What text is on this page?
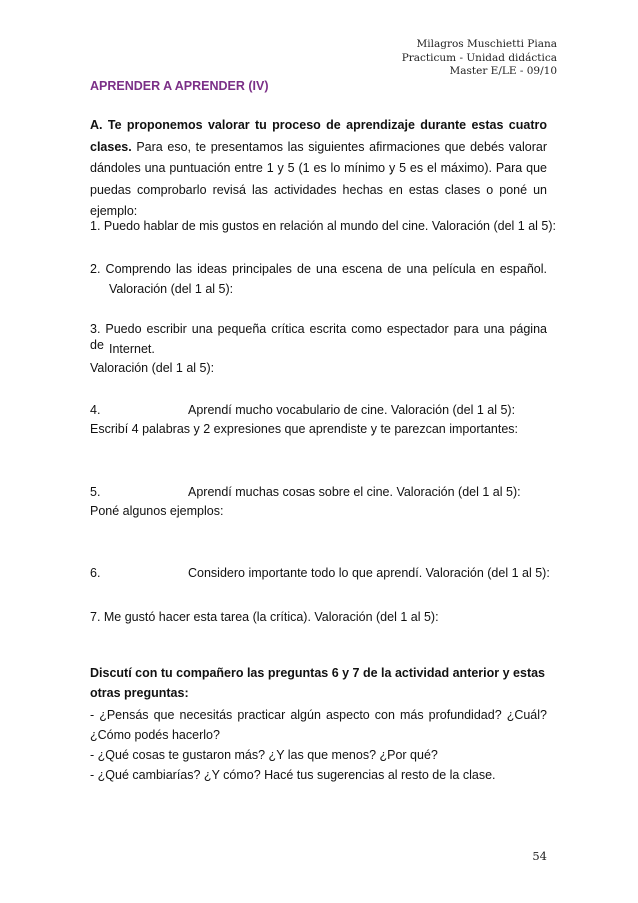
Milagros Muschietti Piana
Practicum - Unidad didáctica
Master E/LE - 09/10
APRENDER A APRENDER (IV)
A. Te proponemos valorar tu proceso de aprendizaje durante estas cuatro clases. Para eso, te presentamos las siguientes afirmaciones que debés valorar dándoles una puntuación entre 1 y 5 (1 es lo mínimo y 5 es el máximo). Para que puedas comprobarlo revisá las actividades hechas en estas clases o poné un ejemplo:
1. Puedo hablar de mis gustos en relación al mundo del cine. Valoración (del 1 al 5):
2. Comprendo las ideas principales de una escena de una película en español.
Valoración (del 1 al 5):
3. Puedo escribir una pequeña crítica escrita como espectador para una página de Internet.
Valoración (del 1 al 5):
4.	Aprendí mucho vocabulario de cine. Valoración (del 1 al 5):
Escribí 4 palabras y 2 expresiones que aprendiste y te parezcan importantes:
5.	Aprendí muchas cosas sobre el cine. Valoración (del 1 al 5):
Poné algunos ejemplos:
6.	Considero importante todo lo que aprendí. Valoración (del 1 al 5):
7. Me gustó hacer esta tarea (la crítica). Valoración (del 1 al 5):
Discutí con tu compañero las preguntas 6 y 7 de la actividad anterior y estas
otras preguntas:
- ¿Pensás que necesitás practicar algún aspecto con más profundidad? ¿Cuál?
¿Cómo podés hacerlo?
- ¿Qué cosas te gustaron más? ¿Y las que menos? ¿Por qué?
- ¿Qué cambiarías? ¿Y cómo? Hacé tus sugerencias al resto de la clase.
54
